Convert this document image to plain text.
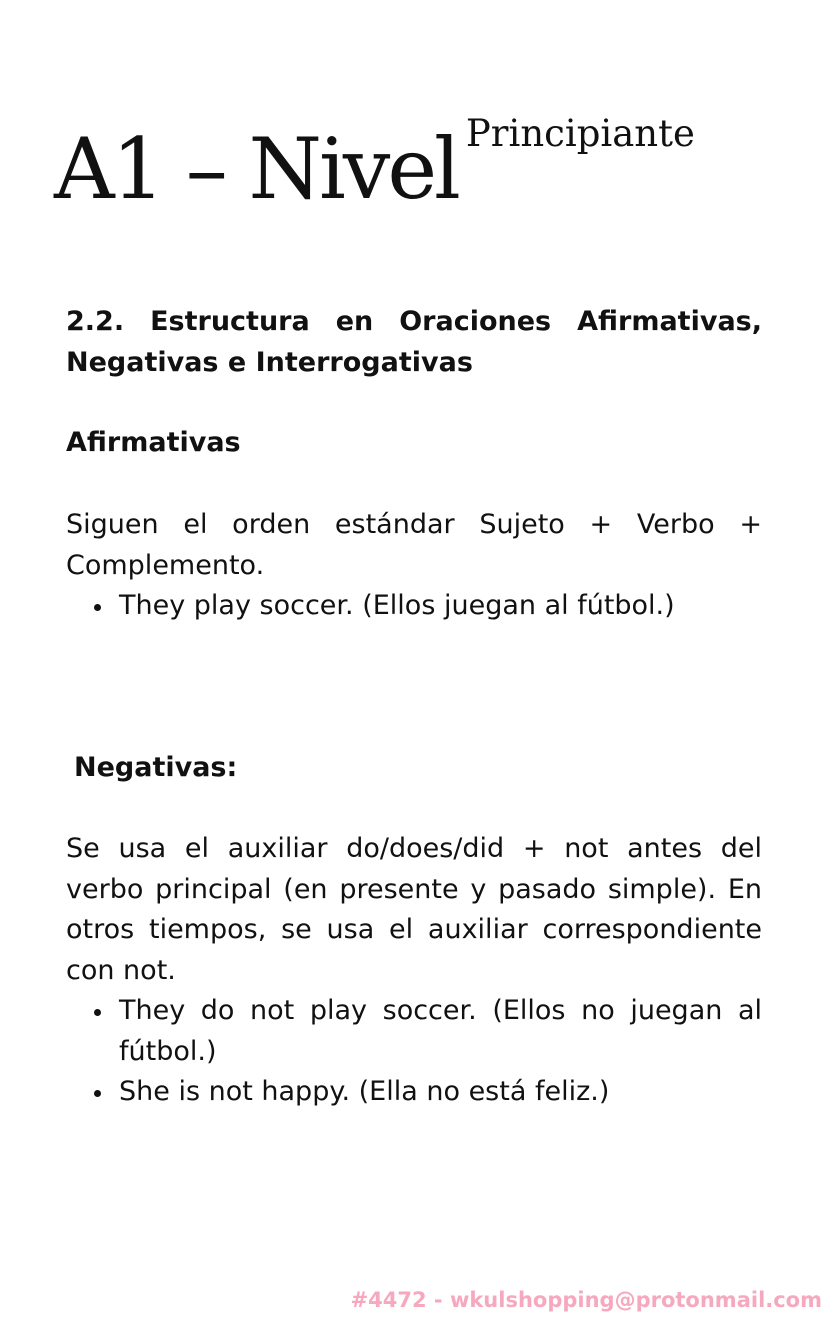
A1 – Nivel Principiante
2.2. Estructura en Oraciones Afirmativas, Negativas e Interrogativas
Afirmativas
Siguen el orden estándar Sujeto + Verbo + Complemento.
They play soccer. (Ellos juegan al fútbol.)
Negativas:
Se usa el auxiliar do/does/did + not antes del verbo principal (en presente y pasado simple). En otros tiempos, se usa el auxiliar correspondiente con not.
They do not play soccer. (Ellos no juegan al fútbol.)
She is not happy. (Ella no está feliz.)
#4472 - wkulshopping@protonmail.com
